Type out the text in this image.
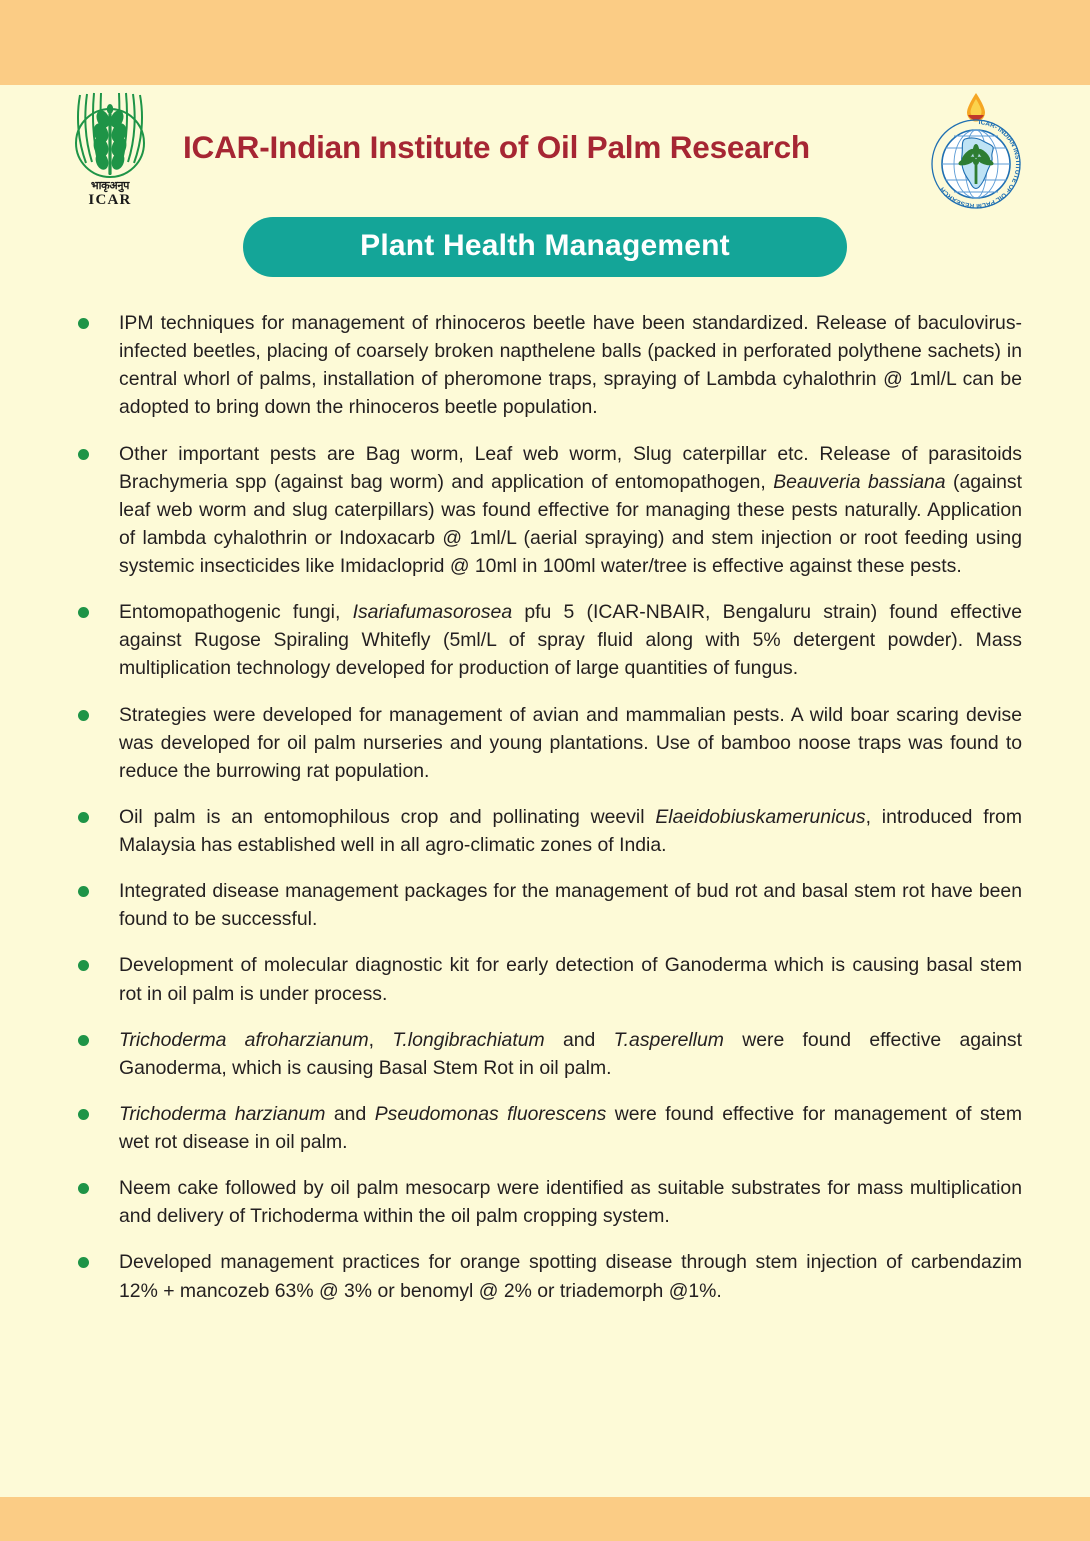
भाकृअनुप
ICAR
ICAR-Indian Institute of Oil Palm Research
ICAR- INDIAN INSTITUTE OF OIL PALM RESEARCH
Plant Health Management
IPM techniques for management of rhinoceros beetle have been standardized. Release of baculovirus-infected beetles, placing of coarsely broken napthelene balls (packed in perforated polythene sachets) in central whorl of palms, installation of pheromone traps, spraying of Lambda cyhalothrin @ 1ml/L can be adopted to bring down the rhinoceros beetle population.
Other important pests are Bag worm, Leaf web worm, Slug caterpillar etc. Release of parasitoids Brachymeria spp (against bag worm) and application of entomopathogen, Beauveria bassiana (against leaf web worm and slug caterpillars) was found effective for managing these pests naturally. Application of lambda cyhalothrin or Indoxacarb @ 1ml/L (aerial spraying) and stem injection or root feeding using systemic insecticides like Imidacloprid @ 10ml in 100ml water/tree is effective against these pests.
Entomopathogenic fungi, Isariafumasorosea pfu 5 (ICAR-NBAIR, Bengaluru strain) found effective against Rugose Spiraling Whitefly (5ml/L of spray fluid along with 5% detergent powder). Mass multiplication technology developed for production of large quantities of fungus.
Strategies were developed for management of avian and mammalian pests. A wild boar scaring devise was developed for oil palm nurseries and young plantations. Use of bamboo noose traps was found to reduce the burrowing rat population.
Oil palm is an entomophilous crop and pollinating weevil Elaeidobiuskamerunicus, introduced from Malaysia has established well in all agro-climatic zones of India.
Integrated disease management packages for the management of bud rot and basal stem rot have been found to be successful.
Development of molecular diagnostic kit for early detection of Ganoderma which is causing basal stem rot in oil palm is under process.
Trichoderma afroharzianum, T.longibrachiatum and T.asperellum were found effective against Ganoderma, which is causing Basal Stem Rot in oil palm.
Trichoderma harzianum and Pseudomonas fluorescens were found effective for management of stem wet rot disease in oil palm.
Neem cake followed by oil palm mesocarp were identified as suitable substrates for mass multiplication and delivery of Trichoderma within the oil palm cropping system.
Developed management practices for orange spotting disease through stem injection of carbendazim 12% + mancozeb 63% @ 3% or benomyl @ 2% or triademorph @1%.
